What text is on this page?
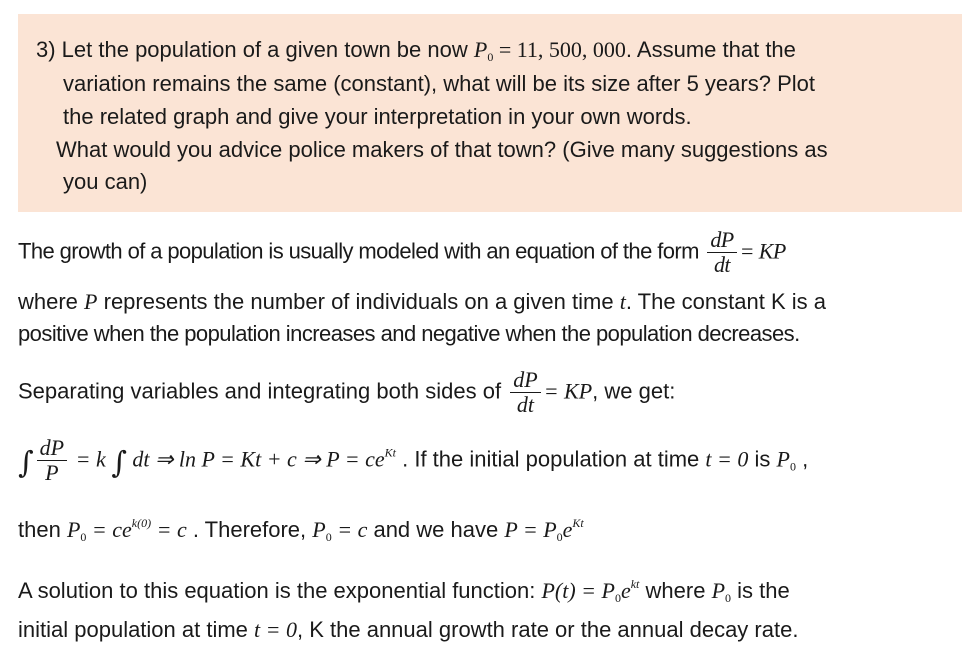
3) Let the population of a given town be now $P_0 = 11$, 500, 000. Assume that the
variation remains the same (constant), what will be its size after 5 years? Plot
the related graph and give your interpretation in your own words.
What would you advice police makers of that town? (Give many suggestions as
you can)
The growth of a population is usually modeled with an equation of the form $\frac{dP}{dt}$ = KP
where P represents the number of individuals on a given time t. The constant K is a
positive when the population increases and negative when the population decreases.
Separating variables and integrating both sides of $\frac{dP}{dt}$ = KP, we get:
∫ $\frac{dP}{P} = k$ ∫ dt ⇒ ln P = Kt + c ⇒ $P = ce^{Kt}$ . If the initial population at time t = 0 is $P_0$ ,
then $P_0 = ce^{k(0)} = c$ . Therefore, $P_0 = c$ and we have $P = P_0e^{Kt}$
A solution to this equation is the exponential function: $P(t) = P_0e^{kt}$ where $P_0$ is the
initial population at time t = 0, K the annual growth rate or the annual decay rate.
